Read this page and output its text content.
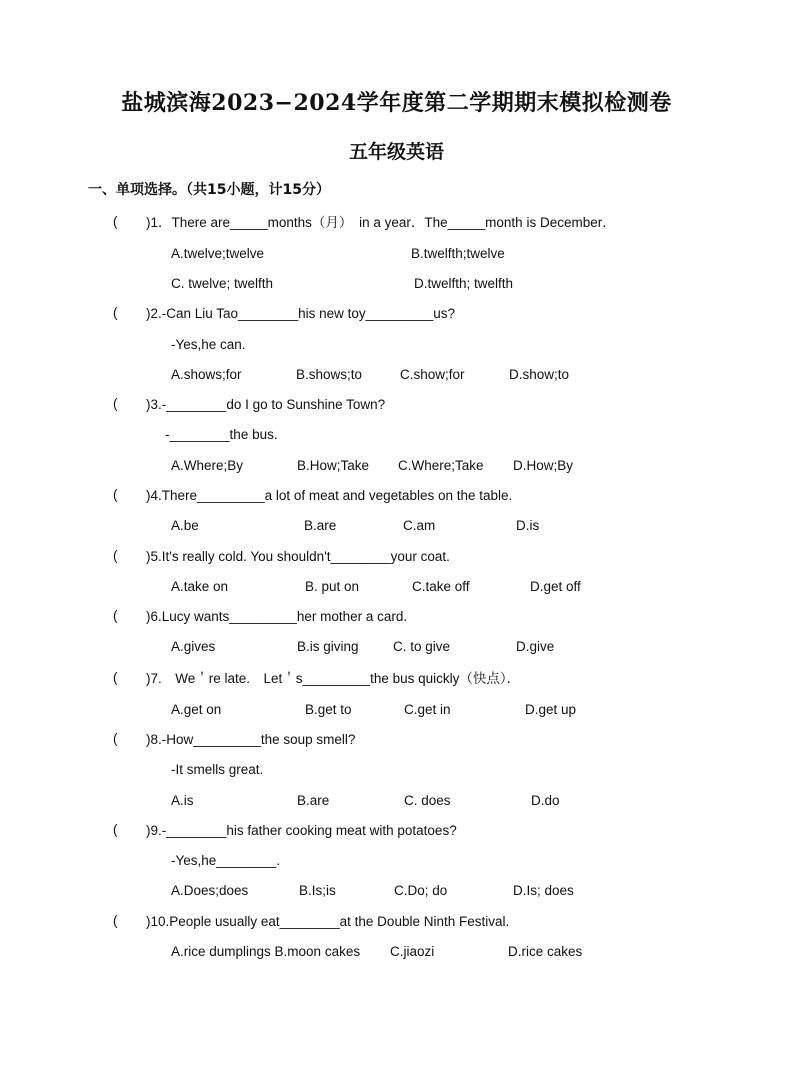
盐城滨海2023−2024学年度第二学期期末模拟检测卷
五年级英语
一、单项选择。（共15小题，计15分）
( )1．There are_____months（月）　in a year．The_____month is December．
A.twelve;twelve	B.twelfth;twelve
C. twelve; twelfth	D.twelfth; twelfth
( )2.-Can Liu Tao________his new toy_________us?
-Yes,he can.
A.shows;for	B.shows;to	C.show;for	D.show;to
( )3.-________do I go to Sunshine Town?
-________the bus.
A.Where;By	B.How;Take C.Where;Take D.How;By
( )4.There_________a lot of meat and vegetables on the table.
A.be	B.are	C.am	D.is
( )5.It's really cold. You shouldn't________your coat.
A.take on	B. put on	C.take off	D.get off
( )6.Lucy wants_________her mother a card.
A.gives	B.is giving	C. to give	D.give
( )7.　We＇re late.　Let＇s_________the bus quickly（快点）．
A.get on	B.get to	C.get in	D.get up
( )8.-How_________the soup smell?
-It smells great.
A.is	B.are	C. does	D.do
( )9.-________his father cooking meat with potatoes?
-Yes,he________.
A.Does;does	B.Is;is	C.Do; do	D.Is; does
( )10.People usually eat________at the Double Ninth Festival.
A.rice dumplings B.moon cakes C.jiaozi	D.rice cakes
